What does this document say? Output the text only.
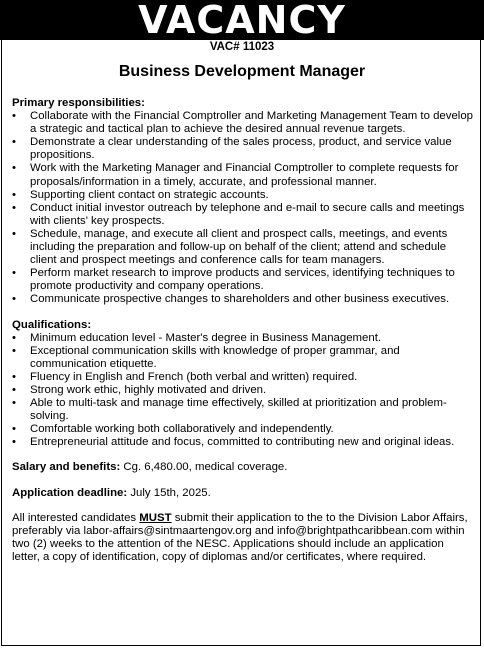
VACANCY
VAC# 11023
Business Development Manager
Primary responsibilities:
• Collaborate with the Financial Comptroller and Marketing Management Team to develop a strategic and tactical plan to achieve the desired annual revenue targets.
• Demonstrate a clear understanding of the sales process, product, and service value propositions.
• Work with the Marketing Manager and Financial Comptroller to complete requests for proposals/information in a timely, accurate, and professional manner.
• Supporting client contact on strategic accounts.
• Conduct initial investor outreach by telephone and e-mail to secure calls and meetings with clients' key prospects.
• Schedule, manage, and execute all client and prospect calls, meetings, and events including the preparation and follow-up on behalf of the client; attend and schedule client and prospect meetings and conference calls for team managers.
• Perform market research to improve products and services, identifying techniques to promote productivity and company operations.
• Communicate prospective changes to shareholders and other business executives.
Qualifications:
• Minimum education level - Master's degree in Business Management.
• Exceptional communication skills with knowledge of proper grammar, and communication etiquette.
• Fluency in English and French (both verbal and written) required.
• Strong work ethic, highly motivated and driven.
• Able to multi-task and manage time effectively, skilled at prioritization and problem-solving.
• Comfortable working both collaboratively and independently.
• Entrepreneurial attitude and focus, committed to contributing new and original ideas.

Salary and benefits: Cg. 6,480.00, medical coverage.

Application deadline: July 15th, 2025.

All interested candidates MUST submit their application to the to the Division Labor Affairs, preferably via labor-affairs@sintmaartengov.org and info@brightpathcaribbean.com within two (2) weeks to the attention of the NESC. Applications should include an application letter, a copy of identification, copy of diplomas and/or certificates, where required.
